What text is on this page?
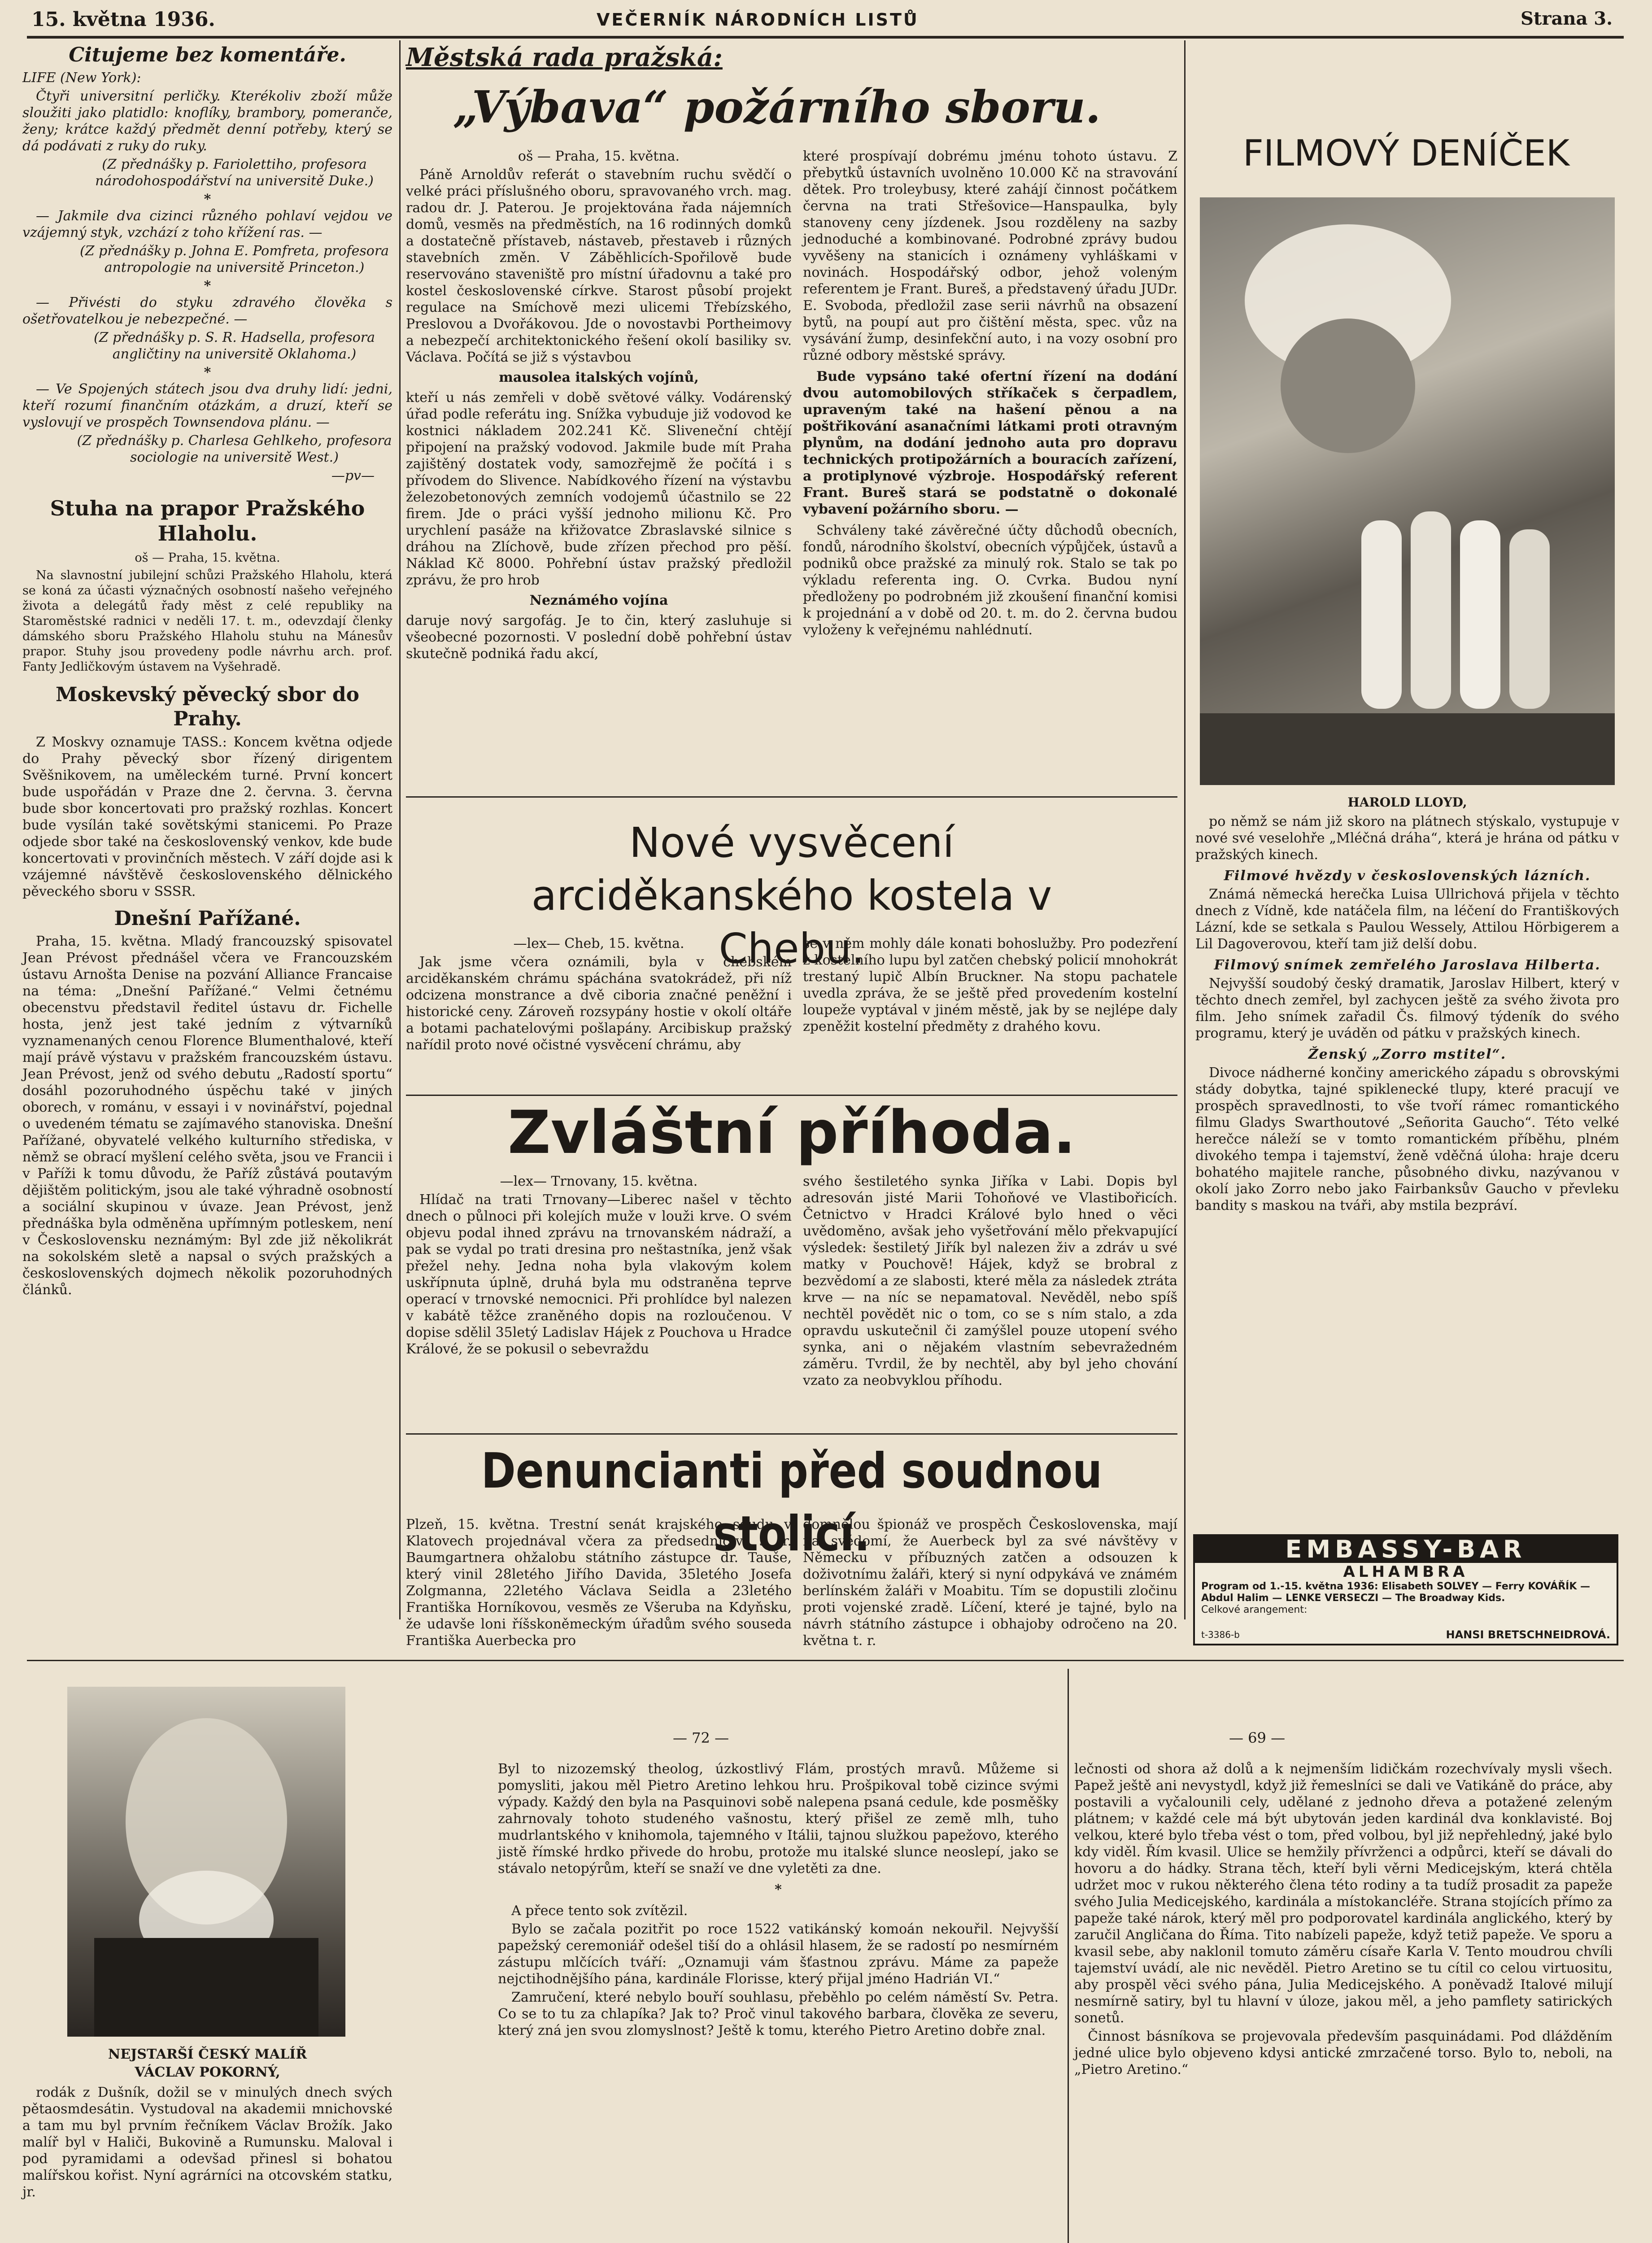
15. května 1936.	VEČERNÍK NÁRODNÍCH LISTŮ	Strana 3.
Citujeme bez komentáře.

LIFE (New York):

Čtyři universitní perličky. Kterékoliv zboží může sloužiti jako platidlo: knoflíky, brambory, pomeranče, ženy; krátce každý předmět denní potřeby, který se dá podávati z ruky do ruky.

(Z přednášky p. Fariolettiho, profesora národohospodářství na universitě Duke.)

*

— Jakmile dva cizinci různého pohlaví vejdou ve vzájemný styk, vzchází z toho křížení ras. —

(Z přednášky p. Johna E. Pomfreta, profesora antropologie na universitě Princeton.)

*

— Přivésti do styku zdravého člověka s ošetřovatelkou je nebezpečné. —

(Z přednášky p. S. R. Hadsella, profesora angličtiny na universitě Oklahoma.)

*

— Ve Spojených státech jsou dva druhy lidí: jedni, kteří rozumí finančním otázkám, a druzí, kteří se vyslovují ve prospěch Townsendova plánu. —

(Z přednášky p. Charlesa Gehlkeho, profesora sociologie na universitě West.)

—pv—
Stuha na prapor Pražského Hlaholu.

oš — Praha, 15. května.

Na slavnostní jubilejní schůzi Pražského Hlaholu, která se koná za účasti význačných osobností našeho veřejného života a delegátů řady měst z celé republiky na Staroměstské radnici v neděli 17. t. m., odevzdají členky dámského sboru Pražského Hlaholu stuhu na Mánesův prapor. Stuhy jsou provedeny podle návrhu arch. prof. Fanty Jedličkovým ústavem na Vyšehradě.

Moskevský pěvecký sbor do Prahy.

Z Moskvy oznamuje TASS.: Koncem května odjede do Prahy pěvecký sbor řízený dirigentem Svěšnikovem, na uměleckém turné. První koncert bude uspořádán v Praze dne 2. června. 3. června bude sbor koncertovati pro pražský rozhlas. Koncert bude vysílán také sovětskými stanicemi. Po Praze odjede sbor také na československý venkov, kde bude koncertovati v provinčních městech. V září dojde asi k vzájemné návštěvě československého dělnického pěveckého sboru v SSSR.

Dnešní Pařížané.

Praha, 15. května. Mladý francouzský spisovatel Jean Prévost přednášel včera ve Francouzském ústavu Arnošta Denise na pozvání Alliance Francaise na téma: „Dnešní Pařížané.“ Velmi četnému obecenstvu představil ředitel ústavu dr. Fichelle hosta, jenž jest také jedním z výtvarníků vyznamenaných cenou Florence Blumenthalové, kteří mají právě výstavu v pražském francouzském ústavu. Jean Prévost, jenž od svého debutu „Radostí sportu“ dosáhl pozoruhodného úspěchu také v jiných oborech, v románu, v essayi i v novinářství, pojednal o uvedeném tématu se zajímavého stanoviska. Dnešní Pařížané, obyvatelé velkého kulturního střediska, v němž se obrací myšlení celého světa, jsou ve Francii i v Paříži k tomu důvodu, že Paříž zůstává poutavým dějištěm politickým, jsou ale také výhradně osobností a sociální skupinou v úvaze. Jean Prévost, jenž přednáška byla odměněna upřímným potleskem, není v Československu neznámým: Byl zde již několikrát na sokolském sletě a napsal o svých pražských a československých dojmech několik pozoruhodných článků.

NEJSTARŠÍ ČESKÝ MALÍŘ VÁCLAV POKORNÝ,

rodák z Dušník, dožil se v minulých dnech svých pětaosmdesátin. Vystudoval na akademii mnichovské a tam mu byl prvním řečníkem Václav Brožík. Jako malíř byl v Haliči, Bukovině a Rumunsku. Maloval i pod pyramidami a odevšad přinesl si bohatou malířskou kořist. Nyní agrárníci na otcovském statku, jr.

Městská rada pražská:
„Výbava“ požárního sboru.

oš — Praha, 15. května.

Páně Arnoldův referát o stavebním ruchu svědčí o velké práci příslušného oboru, spravovaného vrch. mag. radou dr. J. Paterou. Je projektována řada nájemních domů, vesměs na předměstích, na 16 rodinných domků a dostatečně přístaveb, nástaveb, přestaveb i různých stavebních změn. V Záběhlicích-Spořilově bude reservováno staveniště pro místní úřadovnu a také pro kostel československé církve. Starost působí projekt regulace na Smíchově mezi ulicemi Třebízského, Preslovou a Dvořákovou. Jde o novostavbi Portheimovy a nebezpečí architektonického řešení okolí basiliky sv. Václava. Počítá se již s výstavbou

mausolea italských vojínů,

kteří u nás zemřeli v době světové války. Vodárenský úřad podle referátu ing. Snížka vybuduje již vodovod ke kostnici nákladem 202.241 Kč. Sliveneční chtějí připojení na pražský vodovod. Jakmile bude mít Praha zajištěný dostatek vody, samozřejmě že počítá i s přívodem do Slivence. Nabídkového řízení na výstavbu železobetonových zemních vodojemů účastnilo se 22 firem. Jde o práci vyšší jednoho milionu Kč. Pro urychlení pasáže na křižovatce Zbraslavské silnice s dráhou na Zlíchově, bude zřízen přechod pro pěší. Náklad Kč 8000. Pohřební ústav pražský předložil zprávu, že pro hrob

Neznámého vojína

daruje nový sargofág. Je to čin, který zasluhuje si všeobecné pozornosti. V poslední době pohřební ústav skutečně podniká řadu akcí,

které prospívají dobrému jménu tohoto ústavu. Z přebytků ústavních uvolněno 10.000 Kč na stravování dětek. Pro troleybusy, které zahájí činnost počátkem června na trati Střešovice—Hanspaulka, byly stanoveny ceny jízdenek. Jsou rozděleny na sazby jednoduché a kombinované. Podrobné zprávy budou vyvěšeny na stanicích i oznámeny vyhláškami v novinách. Hospodářský odbor, jehož voleným referentem je Frant. Bureš, a představený úřadu JUDr. E. Svoboda, předložil zase serii návrhů na obsazení bytů, na poupí aut pro čištění města, spec. vůz na vysávání žump, desinfekční auto, i na vozy osobní pro různé odbory městské správy.

Bude vypsáno také ofertní řízení na dodání dvou automobilových stříkaček s čerpadlem, upraveným také na hašení pěnou a na poštřikování asanačními látkami proti otravným plynům, na dodání jednoho auta pro dopravu technických protipožárních a bouracích zařízení, a protiplynové výzbroje. Hospodářský referent Frant. Bureš stará se podstatně o dokonalé vybavení požárního sboru. —

Schváleny také závěrečné účty důchodů obecních, fondů, národního školství, obecních výpůjček, ústavů a podniků obce pražské za minulý rok. Stalo se tak po výkladu referenta ing. O. Cvrka. Budou nyní předloženy po podrobném již zkoušení finanční komisi k projednání a v době od 20. t. m. do 2. června budou vyloženy k veřejnému nahlédnutí.

Nové vysvěcení arciděkanského kostela v Chebu.

—lex— Cheb, 15. května.

Jak jsme včera oznámili, byla v chebském arciděkanském chrámu spáchána svatokrádež, při níž odcizena monstrance a dvě ciboria značné peněžní i historické ceny. Zároveň rozsypány hostie v okolí oltáře a botami pachatelovými pošlapány. Arcibiskup pražský nařídil proto nové očistné vysvěcení chrámu, aby

se v něm mohly dále konati bohoslužby. Pro podezření z kostelního lupu byl zatčen chebský policií mnohokrát trestaný lupič Albín Bruckner. Na stopu pachatele uvedla zpráva, že se ještě před provedením kostelní loupeže vyptával v jiném městě, jak by se nejlépe daly zpeněžit kostelní předměty z drahého kovu.

Zvláštní příhoda.

—lex— Trnovany, 15. května.

Hlídač na trati Trnovany—Liberec našel v těchto dnech o půlnoci při kolejích muže v louži krve. O svém objevu podal ihned zprávu na trnovanském nádraží, a pak se vydal po trati dresina pro neštastníka, jenž však přežel nehy. Jedna noha byla vlakovým kolem uskřípnuta úplně, druhá byla mu odstraněna teprve operací v trnovské nemocnici. Při prohlídce byl nalezen v kabátě těžce zraněného dopis na rozloučenou. V dopise sdělil 35letý Ladislav Hájek z Pouchova u Hradce Králové, že se pokusil o sebevraždu

svého šestiletého synka Jiříka v Labi. Dopis byl adresován jisté Marii Tohoňové ve Vlastibořicích. Četnictvo v Hradci Králové bylo hned o věci uvědoměno, avšak jeho vyšetřování mělo překvapující výsledek: šestiletý Jiřík byl nalezen živ a zdráv u své matky v Pouchově! Hájek, když se brobral z bezvědomí a ze slabosti, které měla za následek ztráta krve — na níc se nepamatoval. Nevěděl, nebo spíš nechtěl povědět nic o tom, co se s ním stalo, a zda opravdu uskutečnil či zamýšlel pouze utopení svého synka, ani o nějakém vlastním sebevražedném záměru. Tvrdil, že by nechtěl, aby byl jeho chování vzato za neobvyklou příhodu.

Denuncianti před soudnou stolicí.

Plzeň, 15. května. Trestní senát krajského soudu v Klatovech projednával včera za předsednictví s. r. Baumgartnera ohžalobu státního zástupce dr. Tauše, který vinil 28letého Jiřího Davida, 35letého Josefa Zolgmanna, 22letého Václava Seidla a 23letého Františka Horníkovou, vesměs ze Všeruba na Kdyňsku, že udavše loni říšskoněmeckým úřadům svého souseda Františka Auerbecka pro

domnělou špionáž ve prospěch Československa, mají na svědomí, že Auerbeck byl za své návštěvy v Německu v příbuzných zatčen a odsouzen k doživotnímu žaláři, který si nyní odpykává ve známém berlínském žaláři v Moabitu. Tím se dopustili zločinu proti vojenské zradě. Líčení, které je tajné, bylo na návrh státního zástupce i obhajoby odročeno na 20. května t. r.

FILMOVÝ DENÍČEK
HAROLD LLOYD,

po němž se nám již skoro na plátnech stýskalo, vystupuje v nové své veselohře „Mléčná dráha“, která je hrána od pátku v pražských kinech.

Filmové hvězdy v československých lázních.

Známá německá herečka Luisa Ullrichová přijela v těchto dnech z Vídně, kde natáčela film, na léčení do Františkových Lázní, kde se setkala s Paulou Wessely, Attilou Hörbigerem a Lil Dagoverovou, kteří tam již delší dobu.

Filmový snímek zemřelého Jaroslava Hilberta.

Nejvyšší soudobý český dramatik, Jaroslav Hilbert, který v těchto dnech zemřel, byl zachycen ještě za svého života pro film. Jeho snímek zařadil Čs. filmový týdeník do svého programu, který je uváděn od pátku v pražských kinech.

Ženský „Zorro mstitel“.

Divoce nádherné končiny amerického západu s obrovskými stády dobytka, tajné spiklenecké tlupy, které pracují ve prospěch spravedlnosti, to vše tvoří rámec romantického filmu Gladys Swarthoutové „Señorita Gaucho“. Této velké herečce náleží se v tomto romantickém příběhu, plném divokého tempa i tajemství, ženě vděčná úloha: hraje dceru bohatého majitele ranche, působného divku, nazývanou v okolí jako Zorro nebo jako Fairbanksův Gaucho v převleku bandity s maskou na tváři, aby mstila bezpráví.

EMBASSY-BAR
ALHAMBRA
Program od 1.-15. května 1936: Elisabeth SOLVEY — Ferry KOVÁŘÍK — Abdul Halim — LENKE VERSECZI — The Broadway Kids.
Celkové arangement:
t-3386-b	HANSI BRETSCHNEIDROVÁ.
— 72 —	— 69 —

Byl to nizozemský theolog, úzkostlivý Flám, prostých mravů. Můžeme si pomysliti, jakou měl Pietro Aretino lehkou hru. Prošpikoval tobě cizince svými výpady. Každý den byla na Pasquinovi sobě nalepena psaná cedule, kde posměšky zahrnovaly tohoto studeného vašnostu, který přišel ze země mlh, tuho mudrlantského v knihomola, tajemného v Itálii, tajnou služkou papežovo, kterého jistě římské hrdko přivede do hrobu, protože mu italské slunce neoslepí, jako se stávalo netopýrům, kteří se snaží ve dne vyletěti za dne.

*

A přece tento sok zvítězil.

Bylo se začala pozitřit po roce 1522 vatikánský komoán nekouřil. Nejvyšší papežský ceremoniář odešel tiší do a ohlásil hlasem, že se radostí po nesmírném zástupu mlčících tváří: „Oznamuji vám šťastnou zprávu. Máme za papeže nejctihodnějšího pána, kardinále Florisse, který přijal jméno Hadrián VI.“

Zamručení, které nebylo bouří souhlasu, přeběhlo po celém náměstí Sv. Petra. Co se to tu za chlapíka? Jak to? Proč vinul takového barbara, člověka ze severu, který zná jen svou zlomyslnost? Ještě k tomu, kterého Pietro Aretino dobře znal.

lečnosti od shora až dolů a k nejmenším lidičkám rozechvívaly mysli všech. Papež ještě ani nevystydl, když již řemeslníci se dali ve Vatikáně do práce, aby postavili a vyčalounili cely, udělané z jednoho dřeva a potažené zeleným plátnem; v každé cele má být ubytován jeden kardinál dva konklavisté. Boj velkou, které bylo třeba vést o tom, před volbou, byl již nepřehledný, jaké bylo kdy viděl. Řím kvasil. Ulice se hemžily přívrženci a odpůrci, kteří se dávali do hovoru a do hádky. Strana těch, kteří byli věrni Medicejským, která chtěla udržet moc v rukou některého člena této rodiny a ta tudíž prosadit za papeže svého Julia Medicejského, kardinála a místokancléře. Strana stojících přímo za papeže také nárok, který měl pro podporovatel kardinála anglického, který by zaručil Angličana do Říma. Tito nabízeli papeže, když tetiž papeže. Ve sporu a kvasil sebe, aby naklonil tomuto záměru císaře Karla V. Tento moudrou chvíli tajemství uvádí, ale nic nevěděl. Pietro Aretino se tu cítil co celou virtuositu, aby prospěl věci svého pána, Julia Medicejského. A poněvadž Italové milují nesmírně satiry, byl tu hlavní v úloze, jakou měl, a jeho pamflety satirických sonetů.

Činnost básníkova se projevovala především pasquinádami. Pod dlážděním jedné ulice bylo objeveno kdysi antické zmrzačené torso. Bylo to, neboli, na „Pietro Aretino.“
